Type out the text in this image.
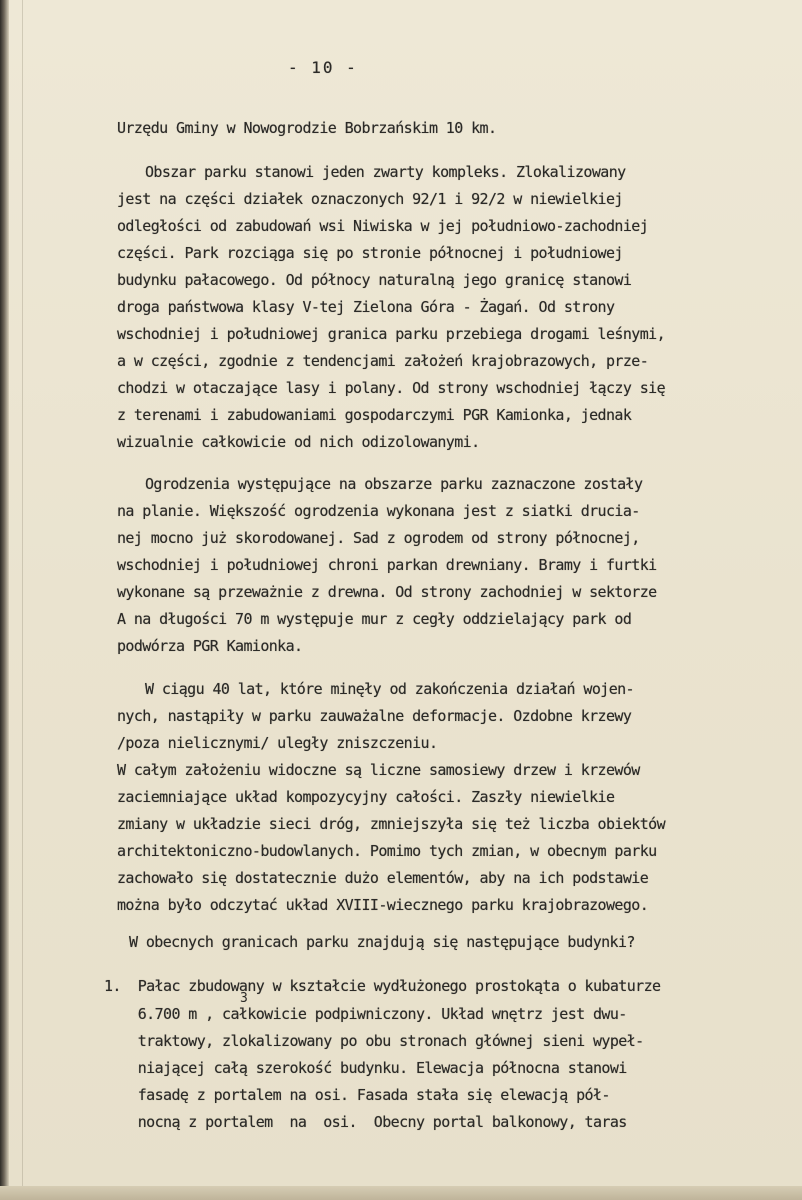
- 10 -

Urzędu Gminy w Nowogrodzie Bobrzańskim 10 km.

Obszar parku stanowi jeden zwarty kompleks. Zlokalizowany

jest na części działek oznaczonych 92/1 i 92/2 w niewielkiej

odległości od zabudowań wsi Niwiska w jej południowo-zachodniej

części. Park rozciąga się po stronie północnej i południowej

budynku pałacowego. Od północy naturalną jego granicę stanowi

droga państwowa klasy V-tej Zielona Góra - Żagań. Od strony

wschodniej i południowej granica parku przebiega drogami leśnymi,

a w części, zgodnie z tendencjami założeń krajobrazowych, prze-

chodzi w otaczające lasy i polany. Od strony wschodniej łączy się

z terenami i zabudowaniami gospodarczymi PGR Kamionka, jednak

wizualnie całkowicie od nich odizolowanymi.

Ogrodzenia występujące na obszarze parku zaznaczone zostały

na planie. Większość ogrodzenia wykonana jest z siatki druciа-

nej mocno już skorodowanej. Sad z ogrodem od strony północnej,

wschodniej i południowej chroni parkan drewniany. Bramy i furtki

wykonane są przeważnie z drewna. Od strony zachodniej w sektorze

A na długości 70 m występuje mur z cegły oddzielający park od

podwórza PGR Kamionka.

W ciągu 40 lat, które minęły od zakończenia działań wojen-

nych, nastąpiły w parku zauważalne deformacje. Ozdobne krzewy

/poza nielicznymi/ uległy zniszczeniu.

W całym założeniu widoczne są liczne samosiewy drzew i krzewów

zaciemniające układ kompozycyjny całości. Zaszły niewielkie

zmiany w układzie sieci dróg, zmniejszyła się też liczba obiektów

architektoniczno-budowlanych. Pomimo tych zmian, w obecnym parku

zachowało się dostatecznie dużo elementów, aby na ich podstawie

można było odczytać układ XVIII-wiecznego parku krajobrazowego.

W obecnych granicach parku znajdują się następujące budynki?

1.  Pałac zbudowany w kształcie wydłużonego prostokąta o kubaturze

3

6.700 m , całkowicie podpiwniczony. Układ wnętrz jest dwu-

traktowy, zlokalizowany po obu stronach głównej sieni wypeł-

niającej całą szerokość budynku. Elewacja północna stanowi

fasadę z portalem na osi. Fasada stała się elewacją pół-

nocną z portalem  na  osi.  Obecny portal balkonowy, taras
